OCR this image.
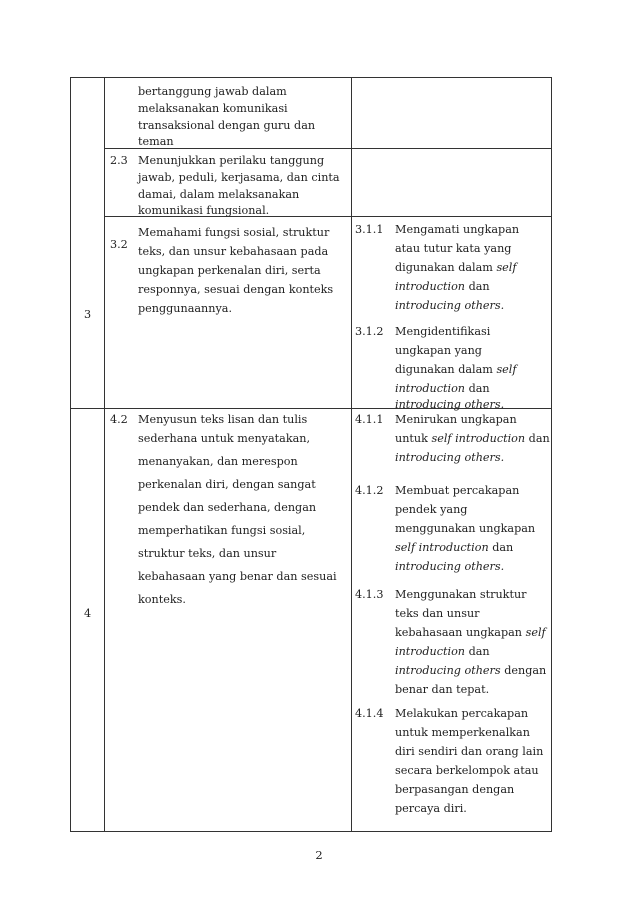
bertanggung jawab dalam
melaksanakan komunikasi
transaksional dengan guru dan
teman
2.3 Menunjukkan perilaku tanggung
jawab, peduli, kerjasama, dan cinta
damai, dalam melaksanakan
komunikasi fungsional.
3
3.2
Memahami fungsi sosial, struktur
teks, dan unsur kebahasaan pada
ungkapan perkenalan diri, serta
responnya, sesuai dengan konteks
penggunaannya.
3.1.1 Mengamati ungkapan
atau tutur kata yang
digunakan dalam self
introduction dan
introducing others.
3.1.2 Mengidentifikasi
ungkapan yang
digunakan dalam self
introduction dan
introducing others.
4
4.2 Menyusun teks lisan dan tulis
sederhana untuk menyatakan,
menanyakan, dan merespon
perkenalan diri, dengan sangat
pendek dan sederhana, dengan
memperhatikan fungsi sosial,
struktur teks, dan unsur
kebahasaan yang benar dan sesuai
konteks.
4.1.1 Menirukan ungkapan
untuk self introduction dan
introducing others.
4.1.2 Membuat percakapan
pendek yang
menggunakan ungkapan
self introduction dan
introducing others.
4.1.3 Menggunakan struktur
teks dan unsur
kebahasaan ungkapan self
introduction dan
introducing others dengan
benar dan tepat.
4.1.4 Melakukan percakapan
untuk memperkenalkan
diri sendiri dan orang lain
secara berkelompok atau
berpasangan dengan
percaya diri.
2
